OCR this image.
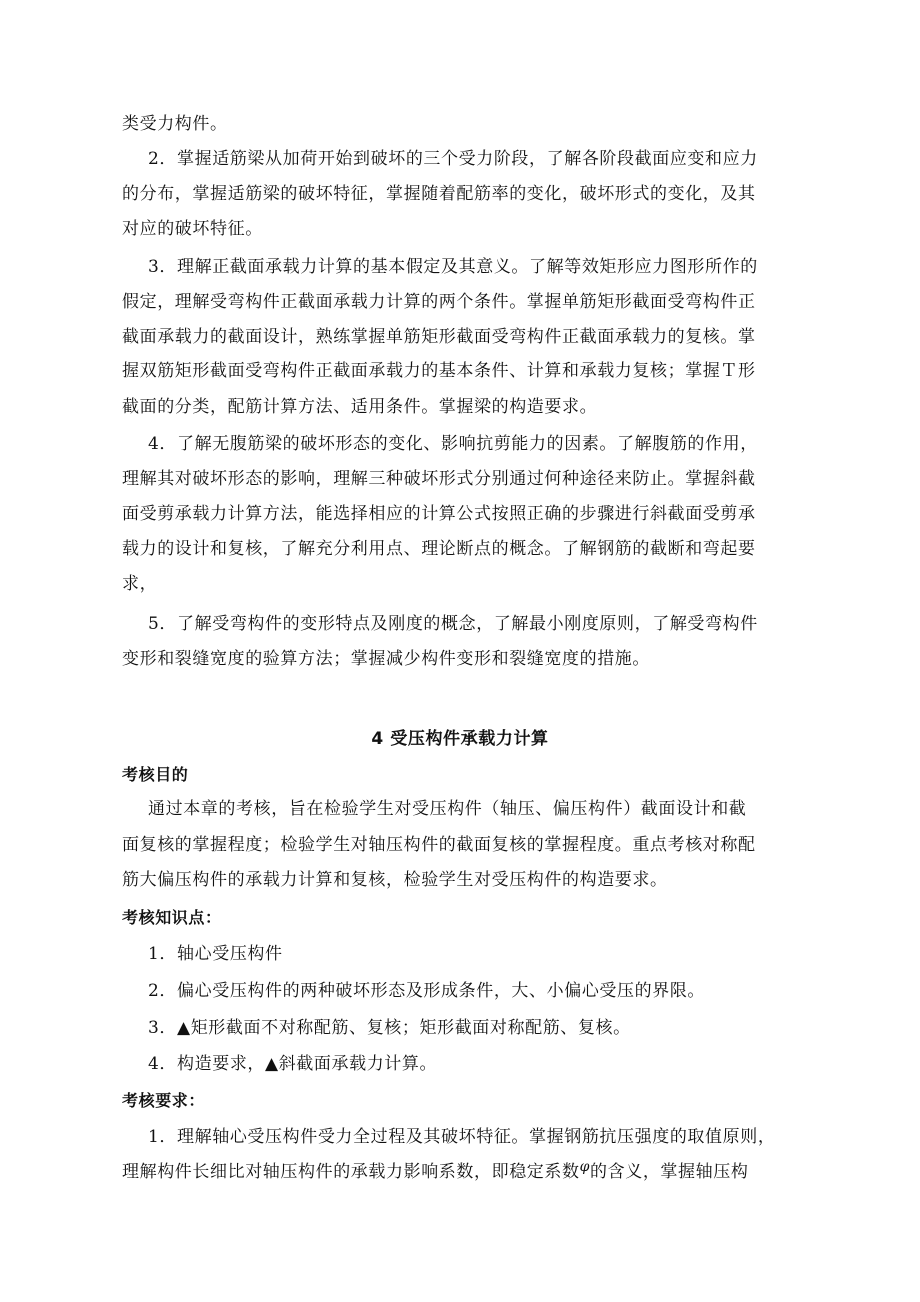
类受力构件。
2．掌握适筋梁从加荷开始到破坏的三个受力阶段，了解各阶段截面应变和应力
的分布，掌握适筋梁的破坏特征，掌握随着配筋率的变化，破坏形式的变化，及其
对应的破坏特征。
3．理解正截面承载力计算的基本假定及其意义。了解等效矩形应力图形所作的
假定，理解受弯构件正截面承载力计算的两个条件。掌握单筋矩形截面受弯构件正
截面承载力的截面设计，熟练掌握单筋矩形截面受弯构件正截面承载力的复核。掌
握双筋矩形截面受弯构件正截面承载力的基本条件、计算和承载力复核；掌握Ｔ形
截面的分类，配筋计算方法、适用条件。掌握梁的构造要求。
4．了解无腹筋梁的破坏形态的变化、影响抗剪能力的因素。了解腹筋的作用，
理解其对破坏形态的影响，理解三种破坏形式分别通过何种途径来防止。掌握斜截
面受剪承载力计算方法，能选择相应的计算公式按照正确的步骤进行斜截面受剪承
载力的设计和复核，了解充分利用点、理论断点的概念。了解钢筋的截断和弯起要
求，
5．了解受弯构件的变形特点及刚度的概念，了解最小刚度原则，了解受弯构件
变形和裂缝宽度的验算方法；掌握减少构件变形和裂缝宽度的措施。
4 受压构件承载力计算
考核目的
通过本章的考核，旨在检验学生对受压构件（轴压、偏压构件）截面设计和截
面复核的掌握程度；检验学生对轴压构件的截面复核的掌握程度。重点考核对称配
筋大偏压构件的承载力计算和复核，检验学生对受压构件的构造要求。
考核知识点：
1．轴心受压构件
2．偏心受压构件的两种破坏形态及形成条件，大、小偏心受压的界限。
3．▲矩形截面不对称配筋、复核；矩形截面对称配筋、复核。
4．构造要求，▲斜截面承载力计算。
考核要求：
1．理解轴心受压构件受力全过程及其破坏特征。掌握钢筋抗压强度的取值原则，
理解构件长细比对轴压构件的承载力影响系数，即稳定系数$^\varphi$的含义，掌握轴压构
